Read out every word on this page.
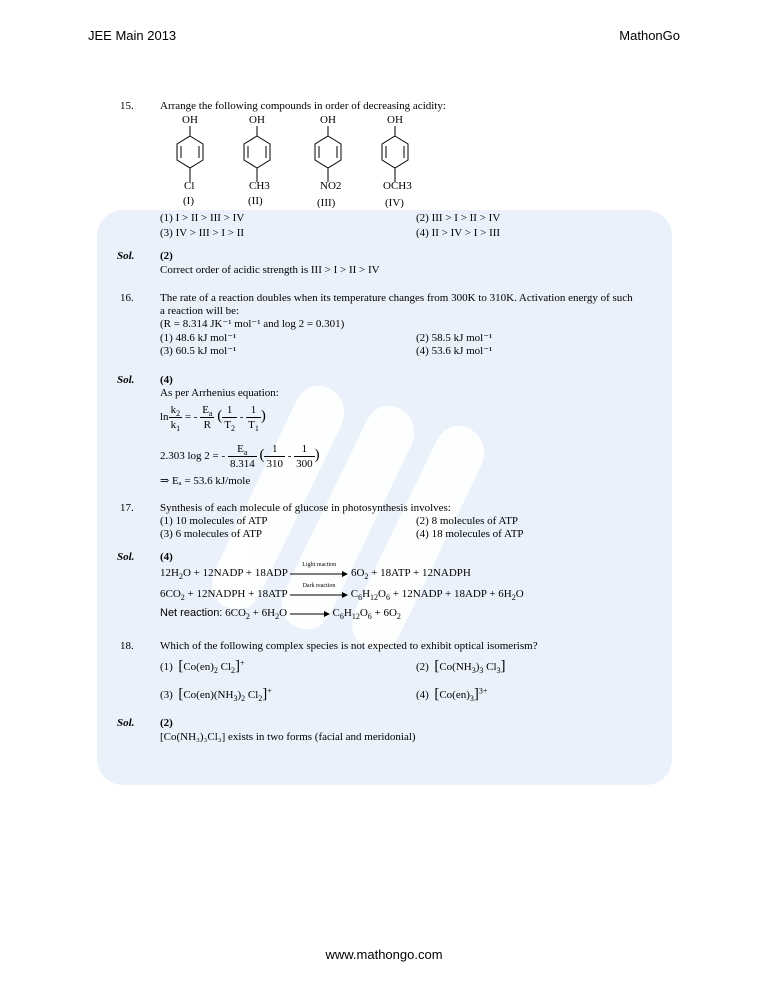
JEE Main 2013	MathonGo
15. Arrange the following compounds in order of decreasing acidity:
OH
Cl
(I)
OH
CH3
(II)
OH
NO2
(III)
OH
OCH3
(IV)
(1) I > II > III > IV	(2) III > I > II > IV
(3) IV > III > I > II	(4) II > IV > I > III
Sol. (2)
Correct order of acidic strength is III > I > II > IV
16. The rate of a reaction doubles when its temperature changes from 300K to 310K. Activation energy of such
a reaction will be:
(R = 8.314 JK⁻¹ mol⁻¹ and log 2 = 0.301)
(1) 48.6 kJ mol⁻¹	(2) 58.5 kJ mol⁻¹
(3) 60.5 kJ mol⁻¹	(4) 53.6 kJ mol⁻¹
Sol. (4)
As per Arrhenius equation:
$\ln \frac{k_2}{k_1}$ = - $\frac{E_a}{R}$ ( $\frac{1}{T_2} - \frac{1}{T_1}$ )
2.303 log 2 = - $\frac{E_a}{8.314}$ ( $\frac{1}{310} - \frac{1}{300}$ )
⇒ Eₐ = 53.6 kJ/mole
17. Synthesis of each molecule of glucose in photosynthesis involves:
(1) 10 molecules of ATP	(2) 8 molecules of ATP
(3) 6 molecules of ATP	(4) 18 molecules of ATP
Sol. (4)
$12H_2O$ + 12NADP + 18ADP
Light reaction
$6O_2 + 18ATP$ + 12NADPH
$6CO_2$ + 12NADPH + 18ATP
Dark reaction
$C_6H_{12}O_6$ + 12NADP + $18ADP + 6H_2O$
Net reaction: $6CO_2 + 6H_2O$	$C_6H_{12}O_6 + 6O_2$
18. Which of the following complex species is not expected to exhibit optical isomerism?
(1)  [$Co(en)_2$ $Cl_2]^+$	(2)  [$Co(NH_3)_3$ $Cl_3$]
(3)  [$Co(en)(NH_3)_2$ $Cl_2]^+$	(4)  $[Co(en)_3]^{3+}$
Sol. (2)
[Co(NH₃)₃Cl₃] exists in two forms (facial and meridonial)
www.mathongo.com
